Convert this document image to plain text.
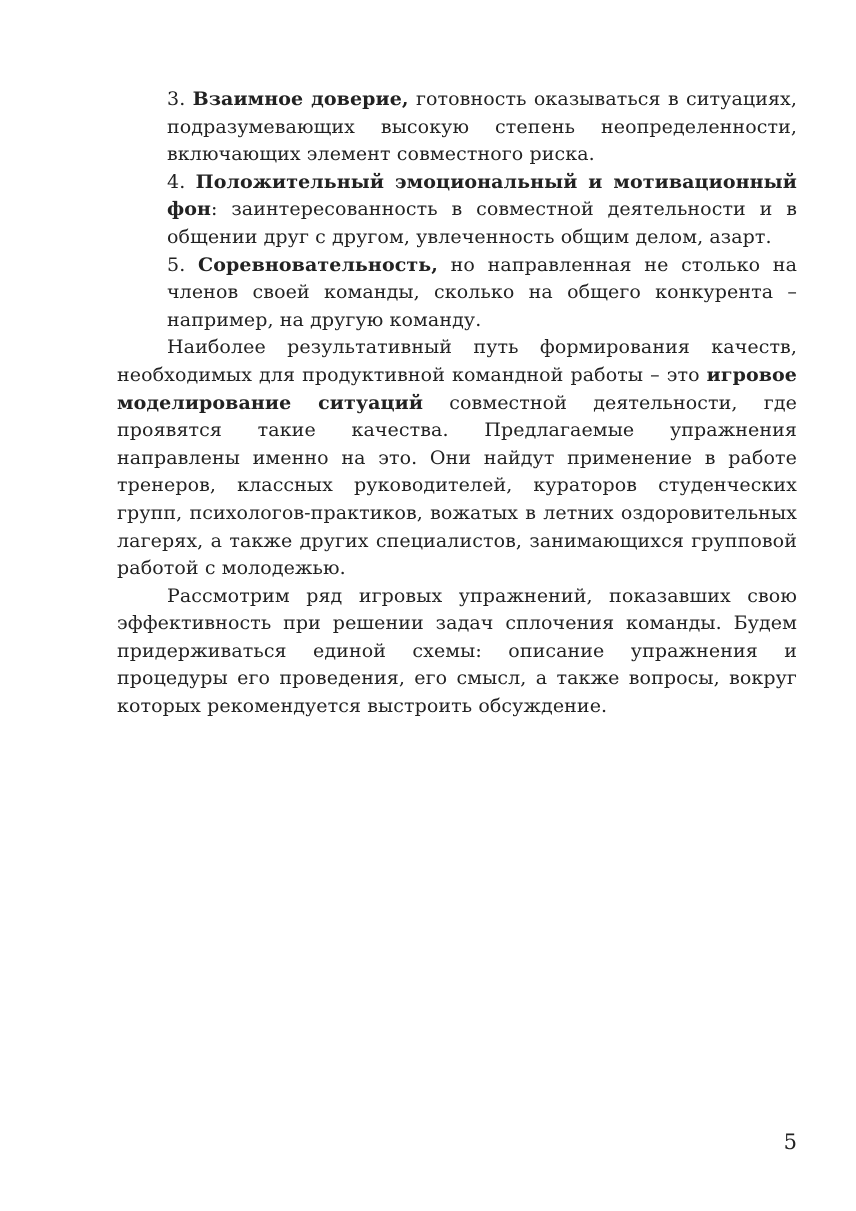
3. Взаимное доверие, готовность оказываться в ситуациях, подразумевающих высокую степень неопределенности, включающих элемент совместного риска.

4. Положительный эмоциональный и мотивационный фон: заинтересованность в совместной деятельности и в общении друг с другом, увлеченность общим делом, азарт.

5. Соревновательность, но направленная не столько на членов своей команды, сколько на общего конкурента – например, на другую команду.

Наиболее результативный путь формирования качеств, необходимых для продуктивной командной работы – это игровое моделирование ситуаций совместной деятельности, где проявятся такие качества. Предлагаемые упражнения направлены именно на это. Они найдут применение в работе тренеров, классных руководителей, кураторов студенческих групп, психологов-практиков, вожатых в летних оздоровительных лагерях, а также других специалистов, занимающихся групповой работой с молодежью.

Рассмотрим ряд игровых упражнений, показавших свою эффективность при решении задач сплочения команды. Будем придерживаться единой схемы: описание упражнения и процедуры его проведения, его смысл, а также вопросы, вокруг которых рекомендуется выстроить обсуждение.

5
